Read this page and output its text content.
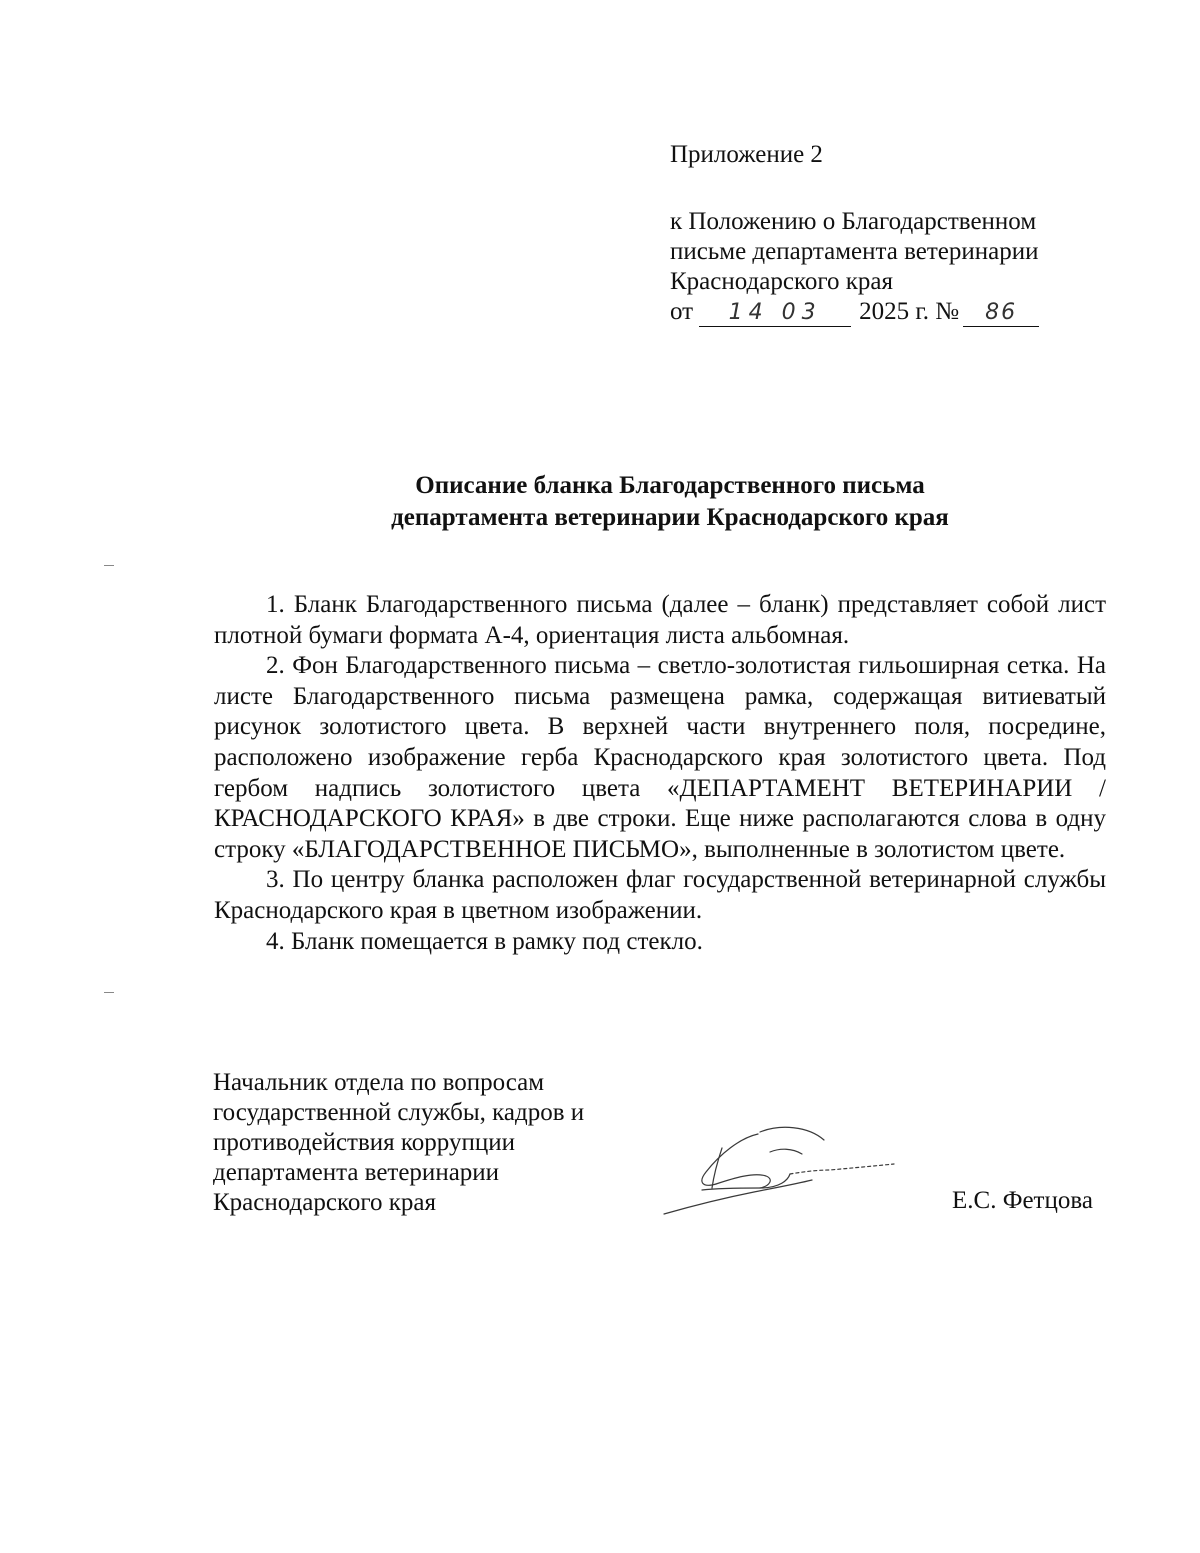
Приложение 2
к Положению о Благодарственном
письме департамента ветеринарии
Краснодарского края
от 14 03 2025 г. № 86
Описание бланка Благодарственного письма
департамента ветеринарии Краснодарского края

1. Бланк Благодарственного письма (далее – бланк) представляет собой лист плотной бумаги формата А-4, ориентация листа альбомная.

2. Фон Благодарственного письма – светло-золотистая гильоширная сетка. На листе Благодарственного письма размещена рамка, содержащая витиеватый рисунок золотистого цвета. В верхней части внутреннего поля, посредине, расположено изображение герба Краснодарского края золотистого цвета. Под гербом надпись золотистого цвета «ДЕПАРТАМЕНТ ВЕТЕРИНАРИИ / КРАСНОДАРСКОГО КРАЯ» в две строки. Еще ниже располагаются слова в одну строку «БЛАГОДАРСТВЕННОЕ ПИСЬМО», выполненные в золотистом цвете.

3. По центру бланка расположен флаг государственной ветеринарной службы Краснодарского края в цветном изображении.

4. Бланк помещается в рамку под стекло.

Начальник отдела по вопросам
государственной службы, кадров и
противодействия коррупции
департамента ветеринарии
Краснодарского края	Е.С. Фетцова
